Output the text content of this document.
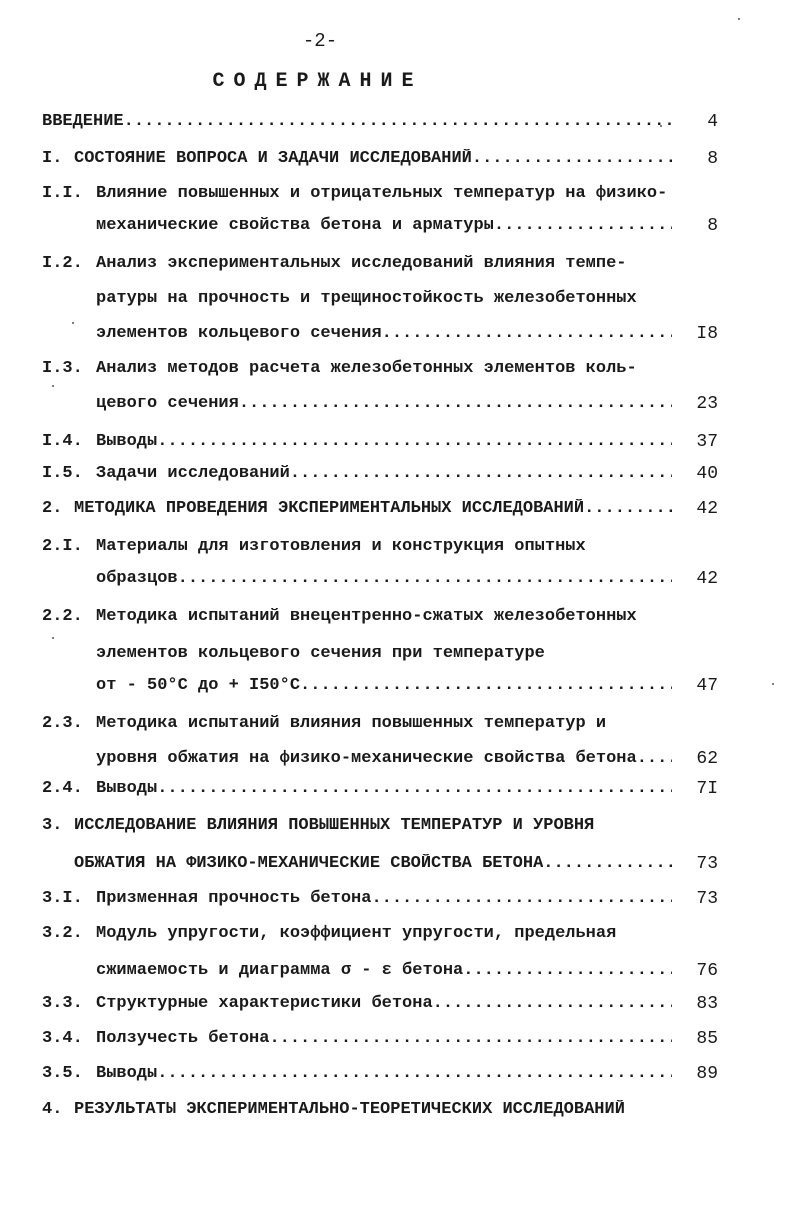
-2-
СОДЕРЖАНИЕ
ВВЕДЕНИЕ .....	4
I. СОСТОЯНИЕ ВОПРОСА И ЗАДАЧИ ИССЛЕДОВАНИЙ .....	8
I.I. Влияние повышенных и отрицательных температур на физико-
механические свойства бетона и арматуры .....	8
I.2. Анализ экспериментальных исследований влияния темпе-
ратуры на прочность и трещиностойкость железобетонных
элементов кольцевого сечения .....	I8
I.3. Анализ методов расчета железобетонных элементов коль-
цевого сечения .....	23
I.4. Выводы .....	37
I.5. Задачи исследований .....	40
2. МЕТОДИКА ПРОВЕДЕНИЯ ЭКСПЕРИМЕНТАЛЬНЫХ ИССЛЕДОВАНИЙ .....	42
2.I. Материалы для изготовления и конструкция опытных
образцов .....	42
2.2. Методика испытаний внецентренно-сжатых железобетонных
элементов кольцевого сечения при температуре
от - 50°С до + I50°С .....	47
2.3. Методика испытаний влияния повышенных температур и
уровня обжатия на физико-механические свойства бетона .....	62
2.4. Выводы .....	7I
3. ИССЛЕДОВАНИЕ ВЛИЯНИЯ ПОВЫШЕННЫХ ТЕМПЕРАТУР И УРОВНЯ
ОБЖАТИЯ НА ФИЗИКО-МЕХАНИЧЕСКИЕ СВОЙСТВА БЕТОНА .....	73
3.I. Призменная прочность бетона .....	73
3.2. Модуль упругости, коэффициент упругости, предельная
сжимаемость и диаграмма σ - ε бетона .....	76
3.3. Структурные характеристики бетона .....	83
3.4. Ползучесть бетона .....	85
3.5. Выводы .....	89
4. РЕЗУЛЬТАТЫ ЭКСПЕРИМЕНТАЛЬНО-ТЕОРЕТИЧЕСКИХ ИССЛЕДОВАНИЙ
